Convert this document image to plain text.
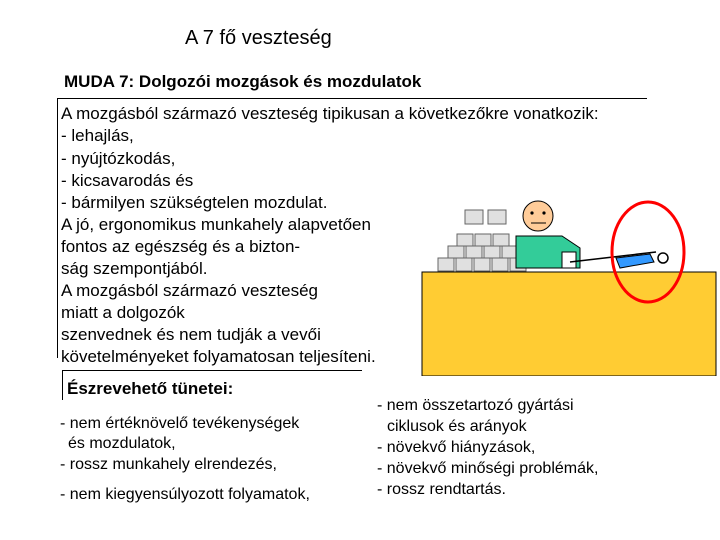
A 7 fő veszteség
MUDA 7: Dolgozói mozgások és mozdulatok
A mozgásból származó veszteség tipikusan a következőkre vonatkozik:
- lehajlás,
- nyújtózkodás,
- kicsavarodás és
- bármilyen szükségtelen mozdulat.
A jó, ergonomikus munkahely alapvetően
fontos az egészség és a bizton-
ság szempontjából.
A mozgásból származó veszteség
miatt a dolgozók
szenvednek és nem tudják a vevői
követelményeket folyamatosan teljesíteni.
Észrevehető tünetei:
- nem értéknövelő tevékenységek
és mozdulatok,
- rossz munkahely elrendezés,
- nem kiegyensúlyozott folyamatok,
- nem összetartozó gyártási
ciklusok és arányok
- növekvő hiányzások,
- növekvő minőségi problémák,
- rossz rendtartás.
